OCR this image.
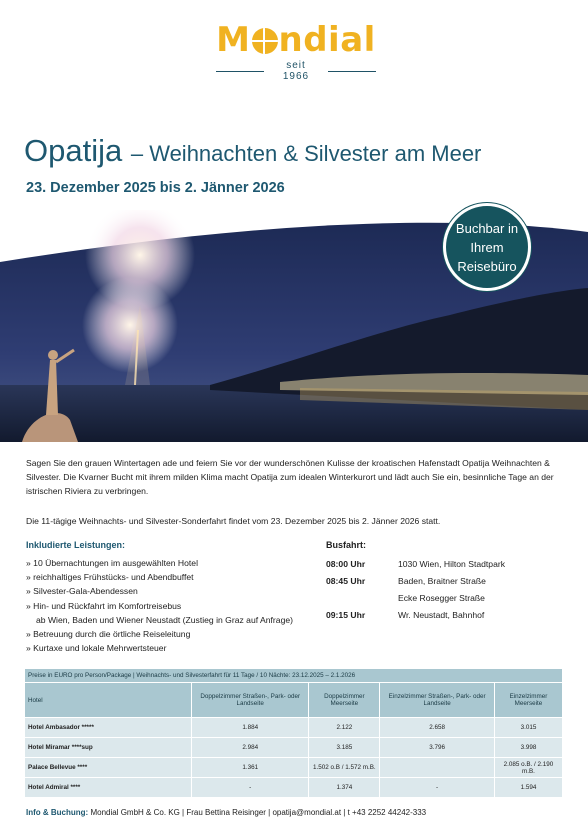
M ndial
seit 1966
Opatija – Weihnachten & Silvester am Meer
23. Dezember 2025 bis 2. Jänner 2026
Buchbar in
Ihrem
Reisebüro
Sagen Sie den grauen Wintertagen ade und feiern Sie vor der wunderschönen Kulisse der kroatischen Hafenstadt Opatija Weihnachten & Silvester. Die Kvarner Bucht mit ihrem milden Klima macht Opatija zum idealen Winterkurort und lädt auch Sie ein, besinnliche Tage an der istrischen Riviera zu verbringen.
Die 11-tägige Weihnachts- und Silvester-Sonderfahrt findet vom 23. Dezember 2025 bis 2. Jänner 2026 statt.
Inkludierte Leistungen:
» 10 Übernachtungen im ausgewählten Hotel
» reichhaltiges Frühstücks- und Abendbuffet
» Silvester-Gala-Abendessen
» Hin- und Rückfahrt im Komfortreisebus
ab Wien, Baden und Wiener Neustadt (Zustieg in Graz auf Anfrage)
» Betreuung durch die örtliche Reiseleitung
» Kurtaxe und lokale Mehrwertsteuer
Busfahrt:
08:00 Uhr	1030 Wien, Hilton Stadtpark
08:45 Uhr	Baden, Braitner Straße
Ecke Rosegger Straße
09:15 Uhr	Wr. Neustadt, Bahnhof
Preise in EURO pro Person/Package | Weihnachts- und Silvesterfahrt für 11 Tage / 10 Nächte: 23.12.2025 – 2.1.2026				
Hotel	Doppelzimmer Straßen-, Park- oder Landseite	Doppelzimmer Meerseite	Einzelzimmer Straßen-, Park- oder Landseite	Einzelzimmer Meerseite
Hotel Ambasador *****	1.884	2.122	2.658	3.015
Hotel Miramar ****sup	2.984	3.185	3.796	3.998
Palace Bellevue ****	1.361	1.502 o.B / 1.572 m.B.		2.085 o.B. / 2.190 m.B.
Hotel Admiral ****	-	1.374	-	1.594
Info & Buchung: Mondial GmbH & Co. KG | Frau Bettina Reisinger | opatija@mondial.at | t +43 2252 44242-333
